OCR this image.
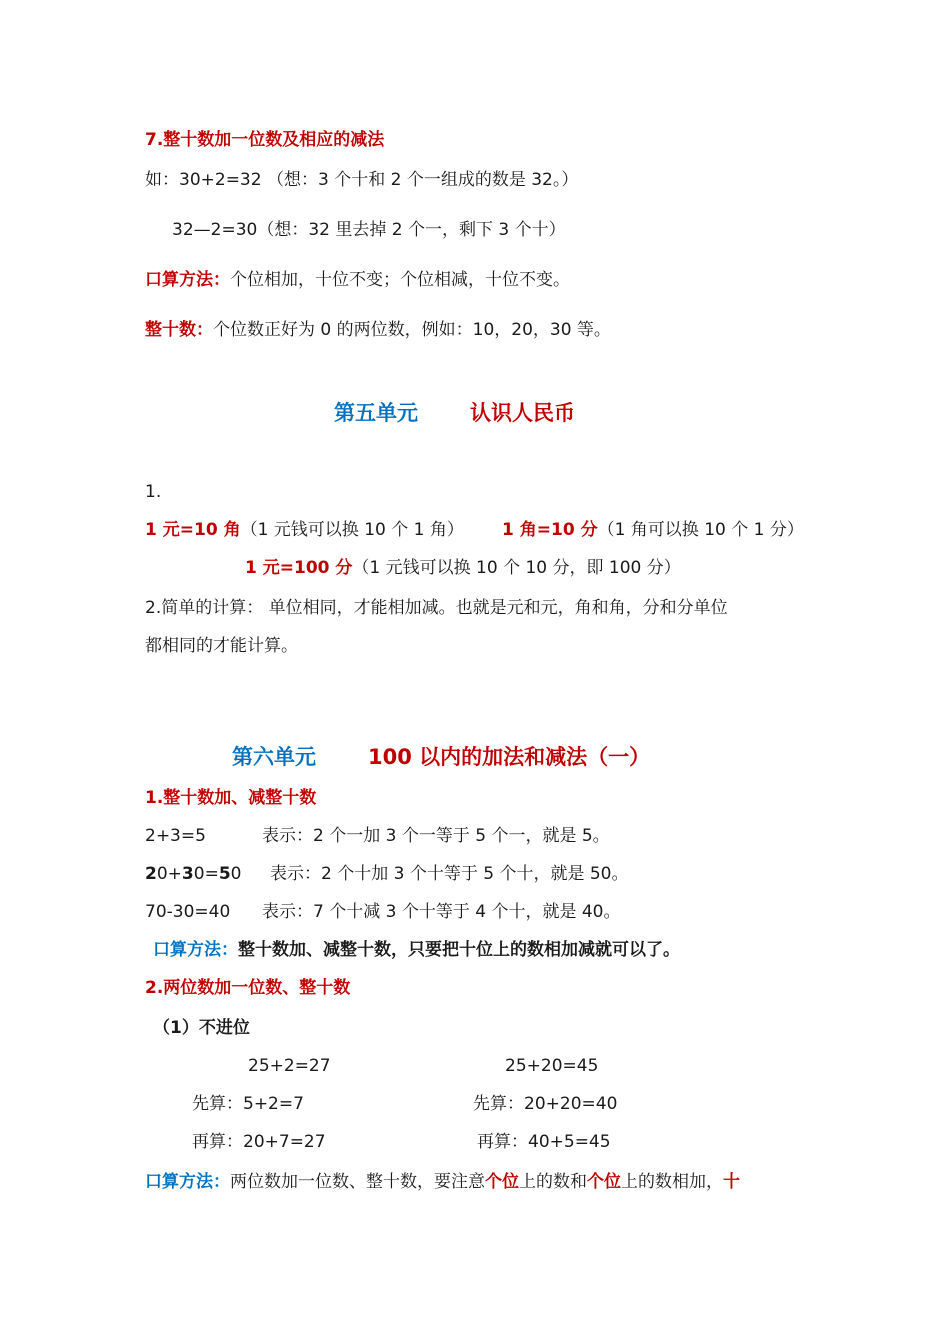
7.整十数加一位数及相应的减法
如：30+2=32 （想：3 个十和 2 个一组成的数是 32。）
32—2=30（想：32 里去掉 2 个一，剩下 3 个十）
口算方法：个位相加，十位不变；个位相减，十位不变。
整十数：个位数正好为 0 的两位数，例如：10，20，30 等。
第五单元 认识人民币
1.
1 元=10 角（1 元钱可以换 10 个 1 角） 1 角=10 分（1 角可以换 10 个 1 分）
1 元=100 分（1 元钱可以换 10 个 10 分，即 100 分）
2.简单的计算： 单位相同，才能相加减。也就是元和元，角和角，分和分单位
都相同的才能计算。
第六单元 100 以内的加法和减法（一）
1.整十数加、减整十数
2+3=5	表示：2 个一加 3 个一等于 5 个一，就是 5。
20+30=50 表示：2 个十加 3 个十等于 5 个十，就是 50。
70-30=40 表示：7 个十减 3 个十等于 4 个十，就是 40。
口算方法：整十数加、减整十数，只要把十位上的数相加减就可以了。
2.两位数加一位数、整十数
（1）不进位
25+2=27	25+20=45
先算：5+2=7	先算：20+20=40
再算：20+7=27	再算：40+5=45
口算方法：两位数加一位数、整十数，要注意个位上的数和个位上的数相加，十
